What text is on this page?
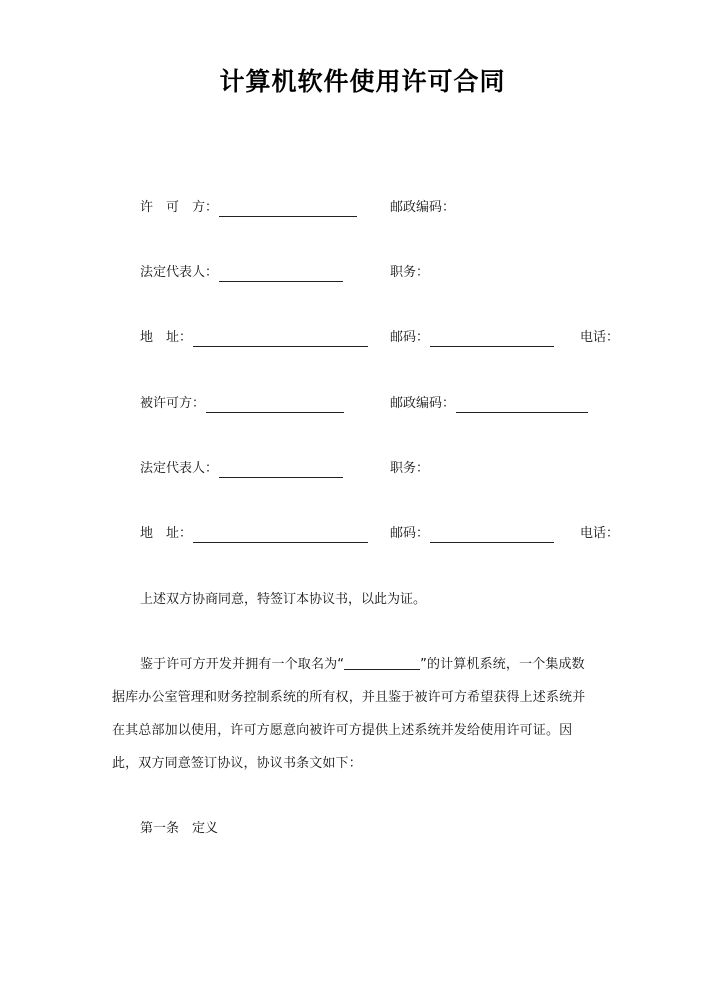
计算机软件使用许可合同
许　可　方：	邮政编码：
法定代表人：	职务：
地　址：	邮码：	电话：
被许可方：	邮政编码：
法定代表人：	职务：
地　址：	邮码：	电话：
上述双方协商同意，特签订本协议书，以此为证。
鉴于许可方开发并拥有一个取名为“	”的计算机系统，一个集成数
据库办公室管理和财务控制系统的所有权，并且鉴于被许可方希望获得上述系统并
在其总部加以使用，许可方愿意向被许可方提供上述系统并发给使用许可证。因
此，双方同意签订协议，协议书条文如下：
第一条　定义
